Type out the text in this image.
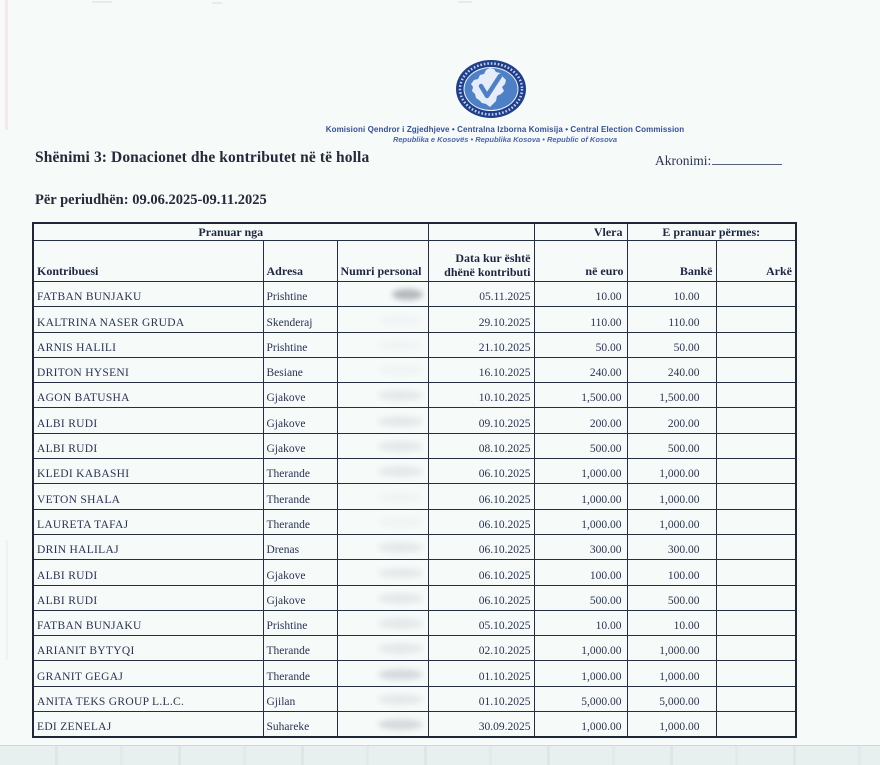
Komisioni Qendror i Zgjedhjeve • Centralna Izborna Komisija • Central Election Commission
Republika e Kosovës • Republika Kosova • Republic of Kosova
Shënimi 3: Donacionet dhe kontributet në të holla	Akronimi:
Për periudhën: 09.06.2025-09.11.2025
Pranuar nga				Vlera	E pranuar përmes:	
Kontribuesi	Adresa	Numri personal	Data kur është dhënë kontributi	në euro	Bankë	Arkë
FATBAN BUNJAKU	Prishtine		05.11.2025	10.00	10.00	
KALTRINA NASER GRUDA	Skenderaj		29.10.2025	110.00	110.00	
ARNIS HALILI	Prishtine		21.10.2025	50.00	50.00	
DRITON HYSENI	Besiane		16.10.2025	240.00	240.00	
AGON BATUSHA	Gjakove		10.10.2025	1,500.00	1,500.00	
ALBI RUDI	Gjakove		09.10.2025	200.00	200.00	
ALBI RUDI	Gjakove		08.10.2025	500.00	500.00	
KLEDI KABASHI	Therande		06.10.2025	1,000.00	1,000.00	
VETON SHALA	Therande		06.10.2025	1,000.00	1,000.00	
LAURETA TAFAJ	Therande		06.10.2025	1,000.00	1,000.00	
DRIN HALILAJ	Drenas		06.10.2025	300.00	300.00	
ALBI RUDI	Gjakove		06.10.2025	100.00	100.00	
ALBI RUDI	Gjakove		06.10.2025	500.00	500.00	
FATBAN BUNJAKU	Prishtine		05.10.2025	10.00	10.00	
ARIANIT BYTYQI	Therande		02.10.2025	1,000.00	1,000.00	
GRANIT GEGAJ	Therande		01.10.2025	1,000.00	1,000.00	
ANITA TEKS GROUP L.L.C.	Gjilan		01.10.2025	5,000.00	5,000.00	
EDI ZENELAJ	Suhareke		30.09.2025	1,000.00	1,000.00	
